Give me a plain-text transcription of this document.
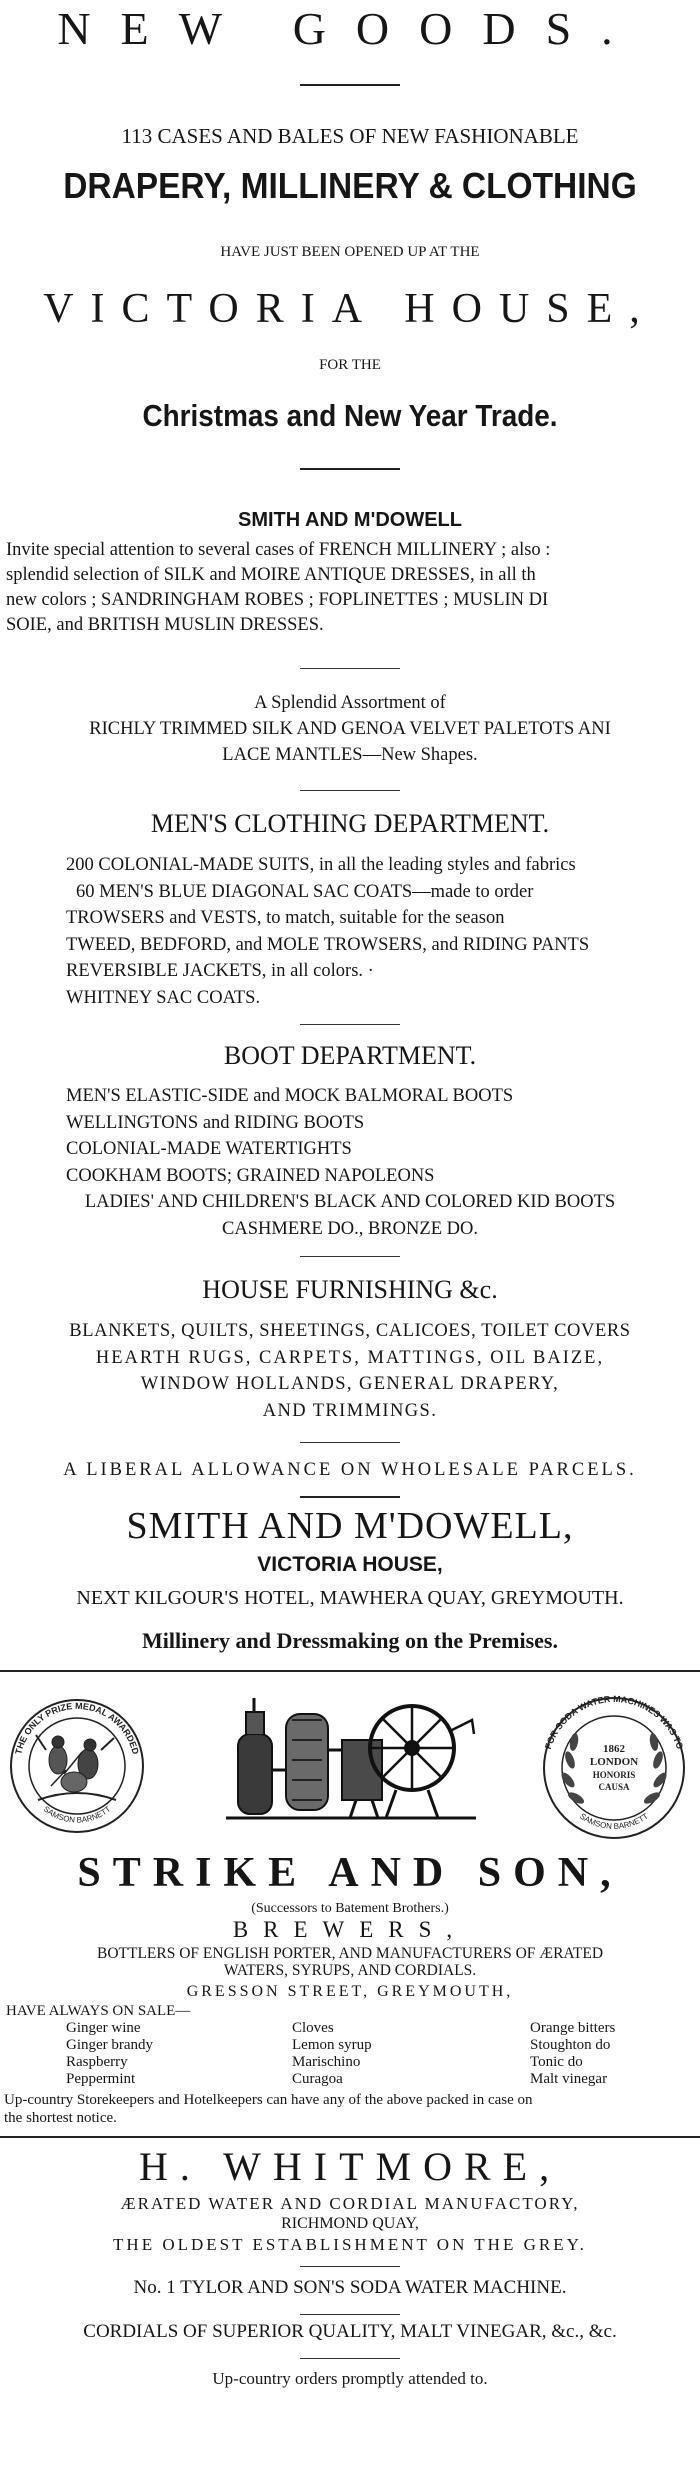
NEW GOODS.
113 CASES AND BALES OF NEW FASHIONABLE
DRAPERY, MILLINERY & CLOTHING
HAVE JUST BEEN OPENED UP AT THE
VICTORIA HOUSE,
FOR THE
Christmas and New Year Trade.
SMITH AND M'DOWELL
Invite special attention to several cases of FRENCH MILLINERY ; also :
splendid selection of SILK and MOIRE ANTIQUE DRESSES, in all th
new colors ; SANDRINGHAM ROBES ; FOPLINETTES ; MUSLIN DI
SOIE, and BRITISH MUSLIN DRESSES.
A Splendid Assortment of
RICHLY TRIMMED SILK AND GENOA VELVET PALETOTS ANI
LACE MANTLES—New Shapes.
MEN'S CLOTHING DEPARTMENT.
200 COLONIAL-MADE SUITS, in all the leading styles and fabrics
60 MEN'S BLUE DIAGONAL SAC COATS—made to order
TROWSERS and VESTS, to match, suitable for the season
TWEED, BEDFORD, and MOLE TROWSERS, and RIDING PANTS
REVERSIBLE JACKETS, in all colors. ·
WHITNEY SAC COATS.
BOOT DEPARTMENT.
MEN'S ELASTIC-SIDE and MOCK BALMORAL BOOTS
WELLINGTONS and RIDING BOOTS
COLONIAL-MADE WATERTIGHTS
COOKHAM BOOTS; GRAINED NAPOLEONS
LADIES' AND CHILDREN'S BLACK AND COLORED KID BOOTS
CASHMERE DO., BRONZE DO.
HOUSE FURNISHING &c.
BLANKETS, QUILTS, SHEETINGS, CALICOES, TOILET COVERS
HEARTH RUGS, CARPETS, MATTINGS, OIL BAIZE,
WINDOW HOLLANDS, GENERAL DRAPERY,
AND TRIMMINGS.
A LIBERAL ALLOWANCE ON WHOLESALE PARCELS.
SMITH AND M'DOWELL,
VICTORIA HOUSE,
NEXT KILGOUR'S HOTEL, MAWHERA QUAY, GREYMOUTH.
Millinery and Dressmaking on the Premises.
THE ONLY PRIZE MEDAL AWARDED
SAMSON BARNETT
FOR SODA WATER MACHINES WAS TO
1862
LONDON
HONORIS
CAUSA
SAMSON BARNETT
STRIKE AND SON,
(Successors to Batement Brothers.)
BREWERS,
BOTTLERS OF ENGLISH PORTER, AND MANUFACTURERS OF ÆRATED
WATERS, SYRUPS, AND CORDIALS.
GRESSON STREET, GREYMOUTH,
HAVE ALWAYS ON SALE—
Ginger wine
Ginger brandy
Raspberry
Peppermint
Cloves
Lemon syrup
Marischino
Curagoa
Orange bitters
Stoughton do
Tonic do
Malt vinegar
Up-country Storekeepers and Hotelkeepers can have any of the above packed in case on
the shortest notice.
H. WHITMORE,
ÆRATED WATER AND CORDIAL MANUFACTORY,
RICHMOND QUAY,
THE OLDEST ESTABLISHMENT ON THE GREY.
No. 1 TYLOR AND SON'S SODA WATER MACHINE.
CORDIALS OF SUPERIOR QUALITY, MALT VINEGAR, &c., &c.
Up-country orders promptly attended to.
